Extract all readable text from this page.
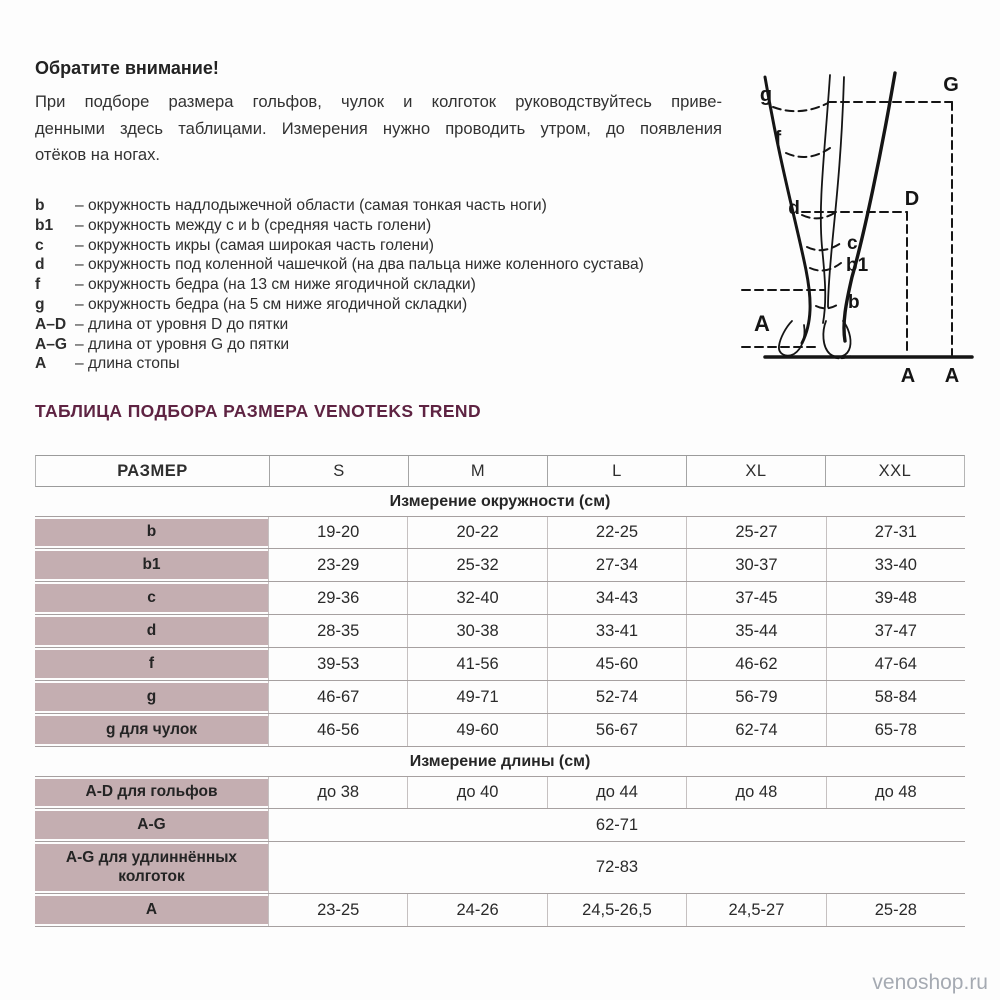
Обратите внимание!
При подборе размера гольфов, чулок и колготок руководствуйтесь приве-
денными здесь таблицами. Измерения нужно проводить утром, до появления
отёков на ногах.
b	– окружность надлодыжечной области (самая тонкая часть ноги)
b1	– окружность между с и b (средняя часть голени)
c	– окружность икры (самая широкая часть голени)
d	– окружность под коленной чашечкой (на два пальца ниже коленного сустава)
f	– окружность бедра (на 13 см ниже ягодичной складки)
g	– окружность бедра (на 5 см ниже ягодичной складки)
A–D – длина от уровня D до пятки
A–G – длина от уровня G до пятки
A	– длина стопы
g	G
f
d	D
c
b1
b
A
A A
ТАБЛИЦА ПОДБОРА РАЗМЕРА VENOTEKS TREND
РАЗМЕР	S	M	L	XL	XXL
Измерение окружности (см)
b	19-20	20-22	22-25	25-27	27-31
b1	23-29	25-32	27-34	30-37	33-40
c	29-36	32-40	34-43	37-45	39-48
d	28-35	30-38	33-41	35-44	37-47
f	39-53	41-56	45-60	46-62	47-64
g	46-67	49-71	52-74	56-79	58-84
g для чулок	46-56	49-60	56-67	62-74	65-78
Измерение длины (см)
A-D для гольфов	до 38	до 40	до 44	до 48	до 48
A-G	62-71
A-G для удлиннённых колготок	72-83
А	23-25	24-26	24,5-26,5	24,5-27	25-28
venoshop.ru
